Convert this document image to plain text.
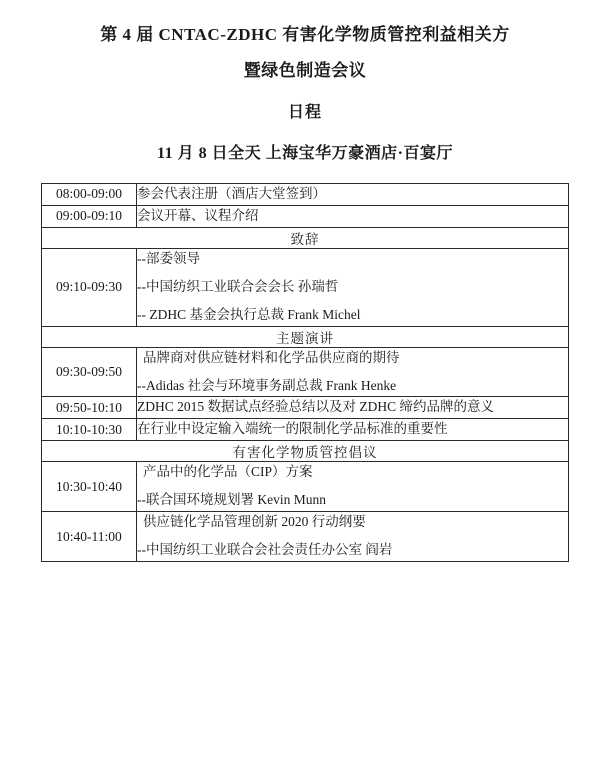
第 4 届 CNTAC-ZDHC 有害化学物质管控利益相关方
暨绿色制造会议
日程
11 月 8 日全天 上海宝华万豪酒店·百宴厅
08:00-09:00	参会代表注册（酒店大堂签到）

09:00-09:10	会议开幕、议程介绍

致辞	
09:10-09:30	--部委领导
--中国纺织工业联合会会长 孙瑞哲
-- ZDHC 基金会执行总裁 Frank Michel

主题演讲	
09:30-09:50	品牌商对供应链材料和化学品供应商的期待
--Adidas 社会与环境事务副总裁 Frank Henke

09:50-10:10	ZDHC 2015 数据试点经验总结以及对 ZDHC 缔约品牌的意义

10:10-10:30	在行业中设定输入端统一的限制化学品标准的重要性

有害化学物质管控倡议	
10:30-10:40	产品中的化学品（CIP）方案
--联合国环境规划署 Kevin Munn

10:40-11:00	供应链化学品管理创新 2020 行动纲要
--中国纺织工业联合会社会责任办公室 阎岩
